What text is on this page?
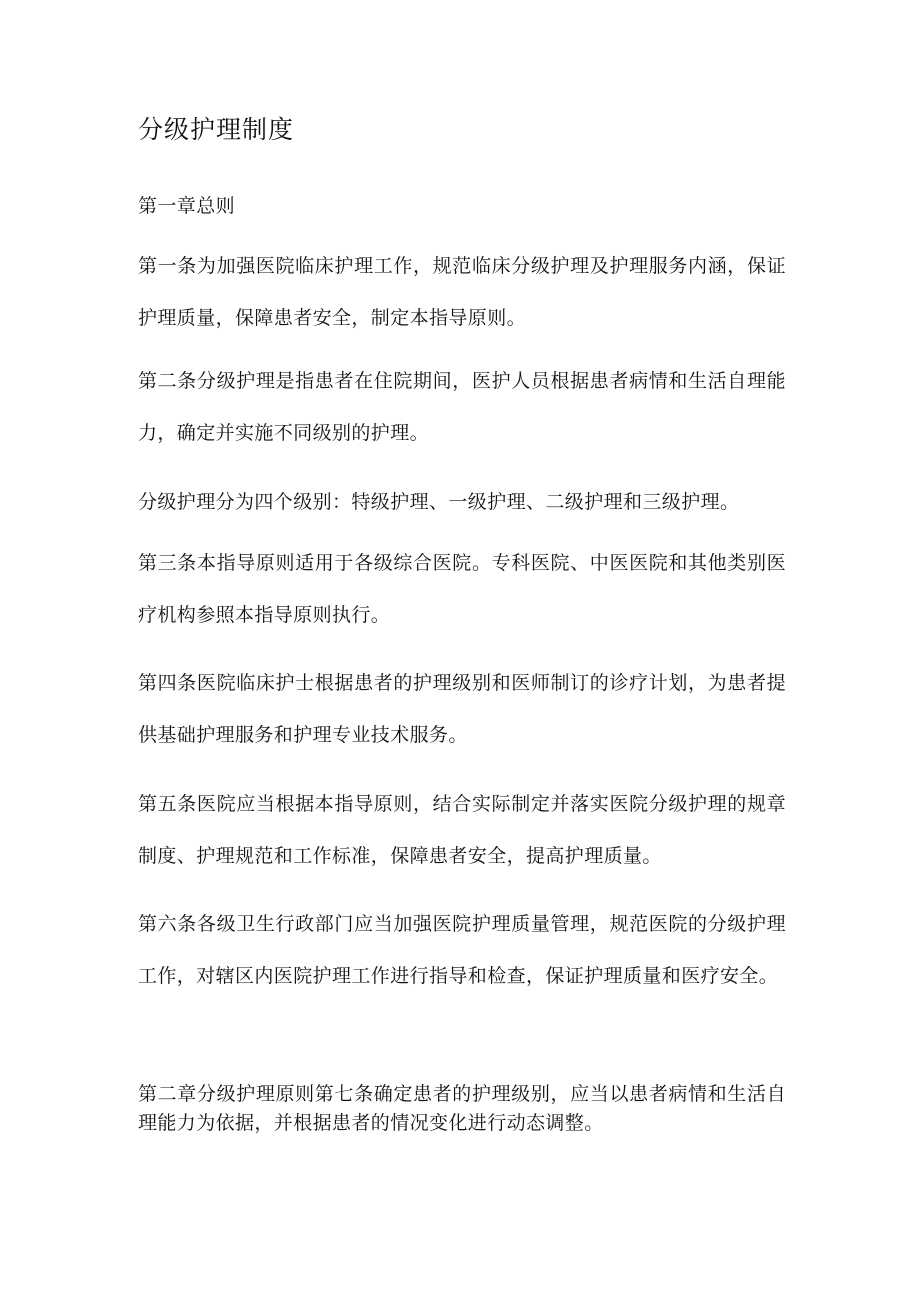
分级护理制度

第一章总则

第一条为加强医院临床护理工作，规范临床分级护理及护理服务内涵，保证护理质量，保障患者安全，制定本指导原则。

第二条分级护理是指患者在住院期间，医护人员根据患者病情和生活自理能力，确定并实施不同级别的护理。

分级护理分为四个级别：特级护理、一级护理、二级护理和三级护理。

第三条本指导原则适用于各级综合医院。专科医院、中医医院和其他类别医疗机构参照本指导原则执行。

第四条医院临床护士根据患者的护理级别和医师制订的诊疗计划，为患者提供基础护理服务和护理专业技术服务。

第五条医院应当根据本指导原则，结合实际制定并落实医院分级护理的规章制度、护理规范和工作标准，保障患者安全，提高护理质量。

第六条各级卫生行政部门应当加强医院护理质量管理，规范医院的分级护理工作，对辖区内医院护理工作进行指导和检查，保证护理质量和医疗安全。

第二章分级护理原则第七条确定患者的护理级别，应当以患者病情和生活自理能力为依据，并根据患者的情况变化进行动态调整。
